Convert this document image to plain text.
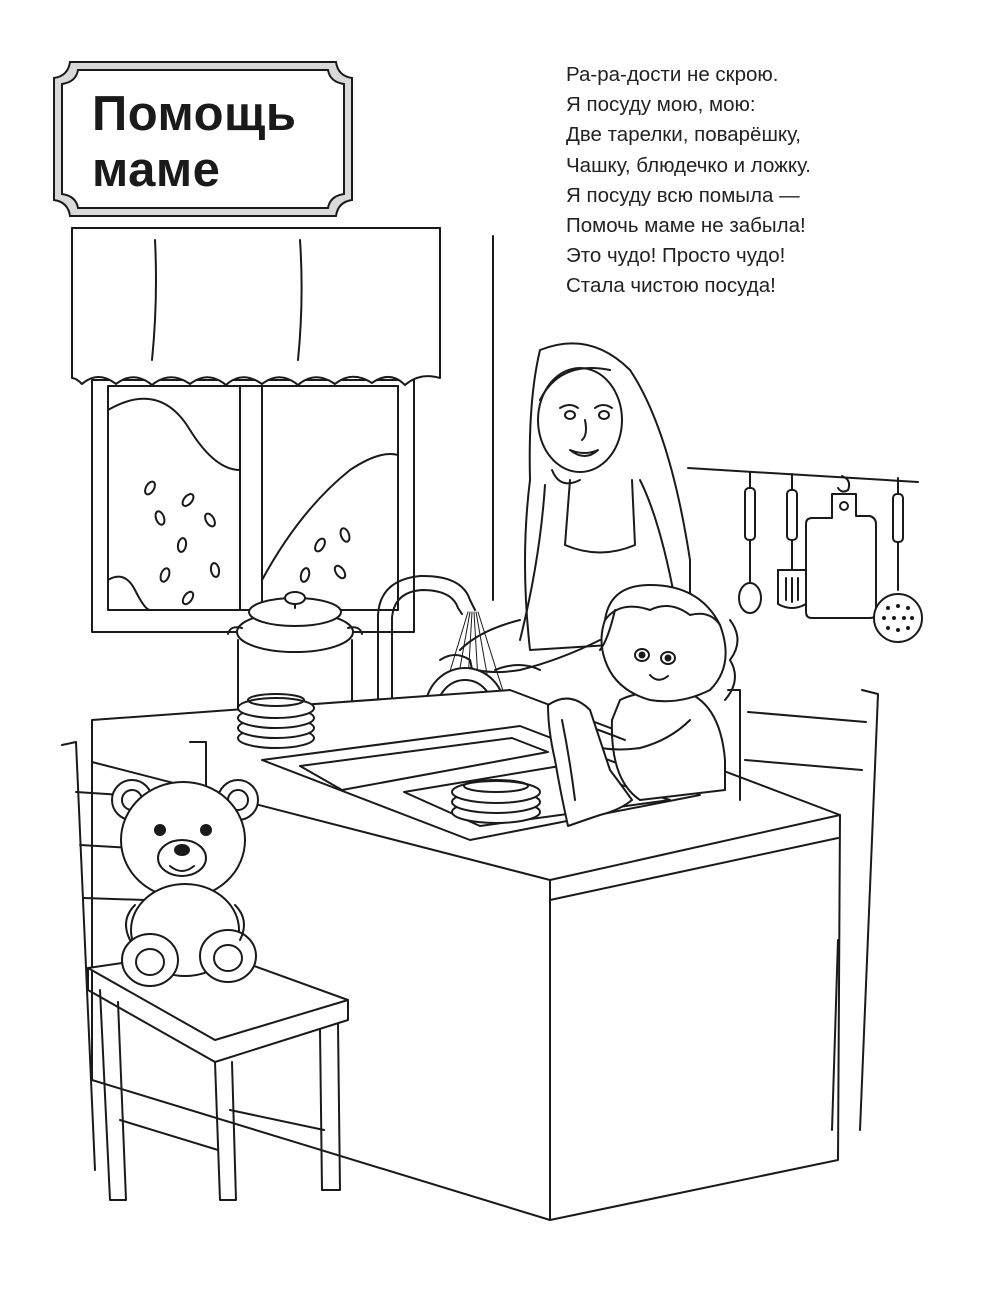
Помощь
маме
Ра-ра-дости не скрою.
Я посуду мою, мою:
Две тарелки, поварёшку,
Чашку, блюдечко и ложку.
Я посуду всю помыла —
Помочь маме не забыла!
Это чудо! Просто чудо!
Стала чистою посуда!
